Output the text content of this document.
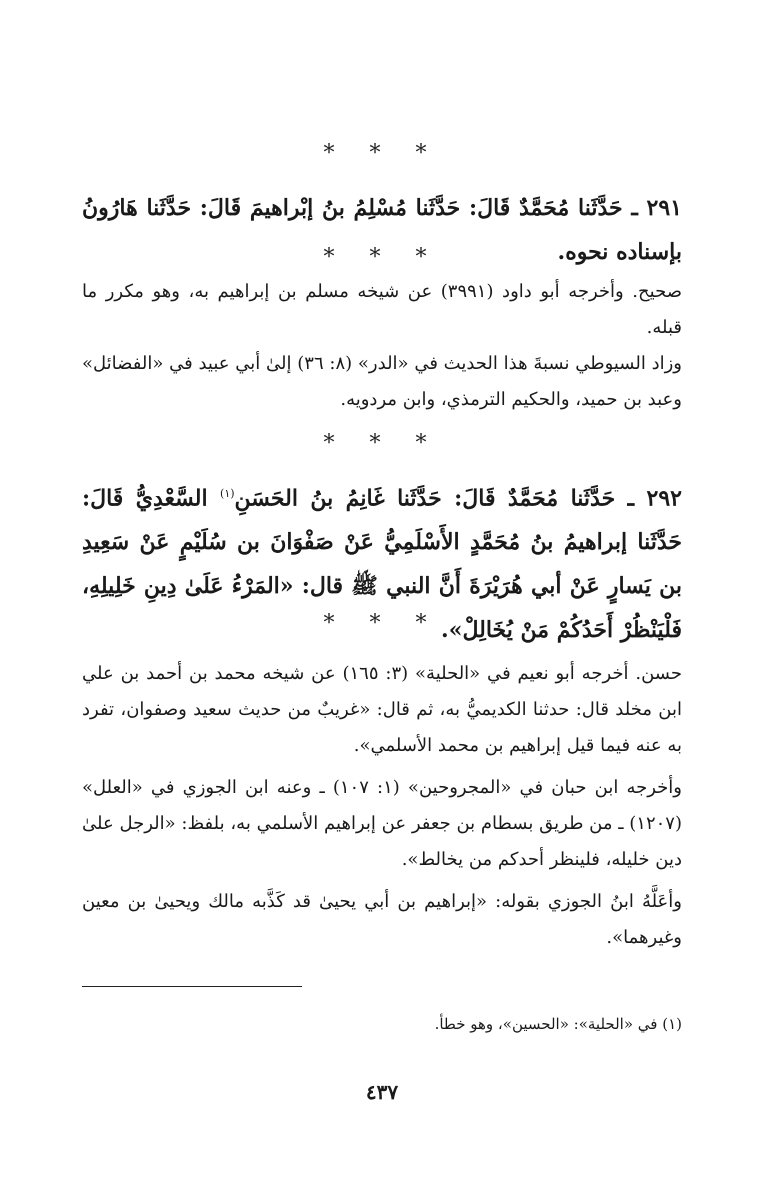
* * *
٢٩١ ـ حَدَّثَنا مُحَمَّدٌ قَالَ: حَدَّثَنا مُسْلِمُ بنُ إبْراهيمَ قَالَ: حَدَّثَنا هَارُونُ بإسناده نحوه.
* * *
صحيح. وأخرجه أبو داود (٣٩٩١) عن شيخه مسلم بن إبراهيم به، وهو مكرر ما قبله.
وزاد السيوطي نسبةَ هذا الحديث في «الدر» (٨: ٣٦) إلىٰ أبي عبيد في «الفضائل» وعبد بن حميد، والحكيم الترمذي، وابن مردويه.
* * *
٢٩٢ ـ حَدَّثَنا مُحَمَّدٌ قَالَ: حَدَّثَنا غَانِمُ بنُ الحَسَنِ$^{(١)}$ السَّعْدِيُّ قَالَ: حَدَّثَنا إبراهيمُ بنُ مُحَمَّدٍ الأَسْلَمِيُّ عَنْ صَفْوَانَ بن سُلَيْمٍ عَنْ سَعِيدِ بن يَسارٍ عَنْ أبي هُرَيْرَةَ أَنَّ النبي ﷺ قال: «المَرْءُ عَلَىٰ دِينِ خَلِيلِهِ، فَلْيَنْظُرْ أَحَدُكُمْ مَنْ يُخَالِلْ».
* * *
حسن. أخرجه أبو نعيم في «الحلية» (٣: ١٦٥) عن شيخه محمد بن أحمد بن علي ابن مخلد قال: حدثنا الكديميُّ به، ثم قال: «غريبٌ من حديث سعيد وصفوان، تفرد به عنه فيما قيل إبراهيم بن محمد الأسلمي».
وأخرجه ابن حبان في «المجروحين» (١: ١٠٧) ـ وعنه ابن الجوزي في «العلل» (١٢٠٧) ـ من طريق بسطام بن جعفر عن إبراهيم الأسلمي به، بلفظ: «الرجل علىٰ دين خليله، فلينظر أحدكم من يخالط».
وأعَلَّهُ ابنُ الجوزي بقوله: «إبراهيم بن أبي يحيىٰ قد كَذَّبه مالك ويحيىٰ بن معين وغيرهما».
(١) في «الحلية»: «الحسين»، وهو خطأ.
٤٣٧
